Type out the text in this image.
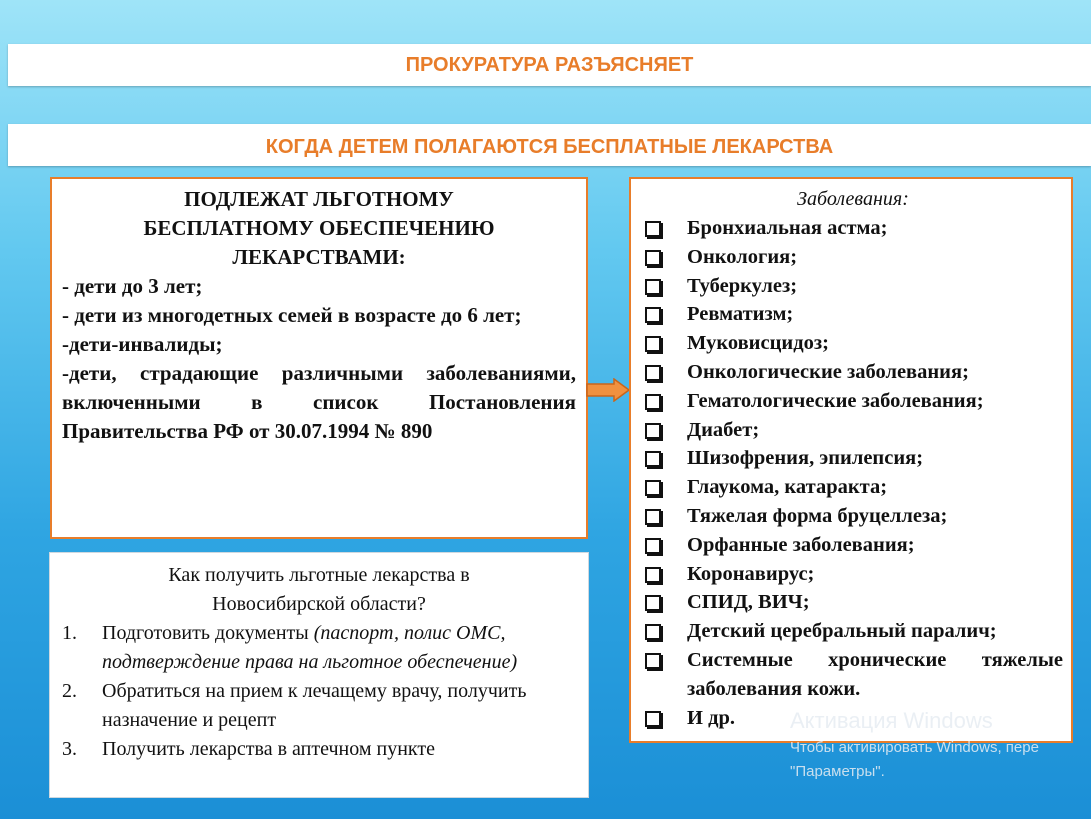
ПРОКУРАТУРА РАЗЪЯСНЯЕТ
КОГДА ДЕТЕМ ПОЛАГАЮТСЯ БЕСПЛАТНЫЕ ЛЕКАРСТВА
ПОДЛЕЖАТ ЛЬГОТНОМУ
БЕСПЛАТНОМУ ОБЕСПЕЧЕНИЮ
ЛЕКАРСТВАМИ:
- дети до 3 лет;
- дети из многодетных семей в возрасте до 6 лет;
-дети-инвалиды;
-дети, страдающие различными заболеваниями, включенными в список Постановления Правительства РФ от 30.07.1994 № 890
Как получить льготные лекарства в
Новосибирской области?
1.	Подготовить документы (паспорт, полис ОМС, подтверждение права на льготное обеспечение)
2.	Обратиться на прием к лечащему врачу, получить назначение и рецепт
3.	Получить лекарства в аптечном пункте
Заболевания:
Бронхиальная астма;
Онкология;
Туберкулез;
Ревматизм;
Муковисцидоз;
Онкологические заболевания;
Гематологические заболевания;
Диабет;
Шизофрения, эпилепсия;
Глаукома, катаракта;
Тяжелая форма бруцеллеза;
Орфанные заболевания;
Коронавирус;
СПИД, ВИЧ;
Детский церебральный паралич;
Системные хронические тяжелые заболевания кожи.
И др.	Активация Windows
Чтобы активировать Windows, пере
"Параметры".
